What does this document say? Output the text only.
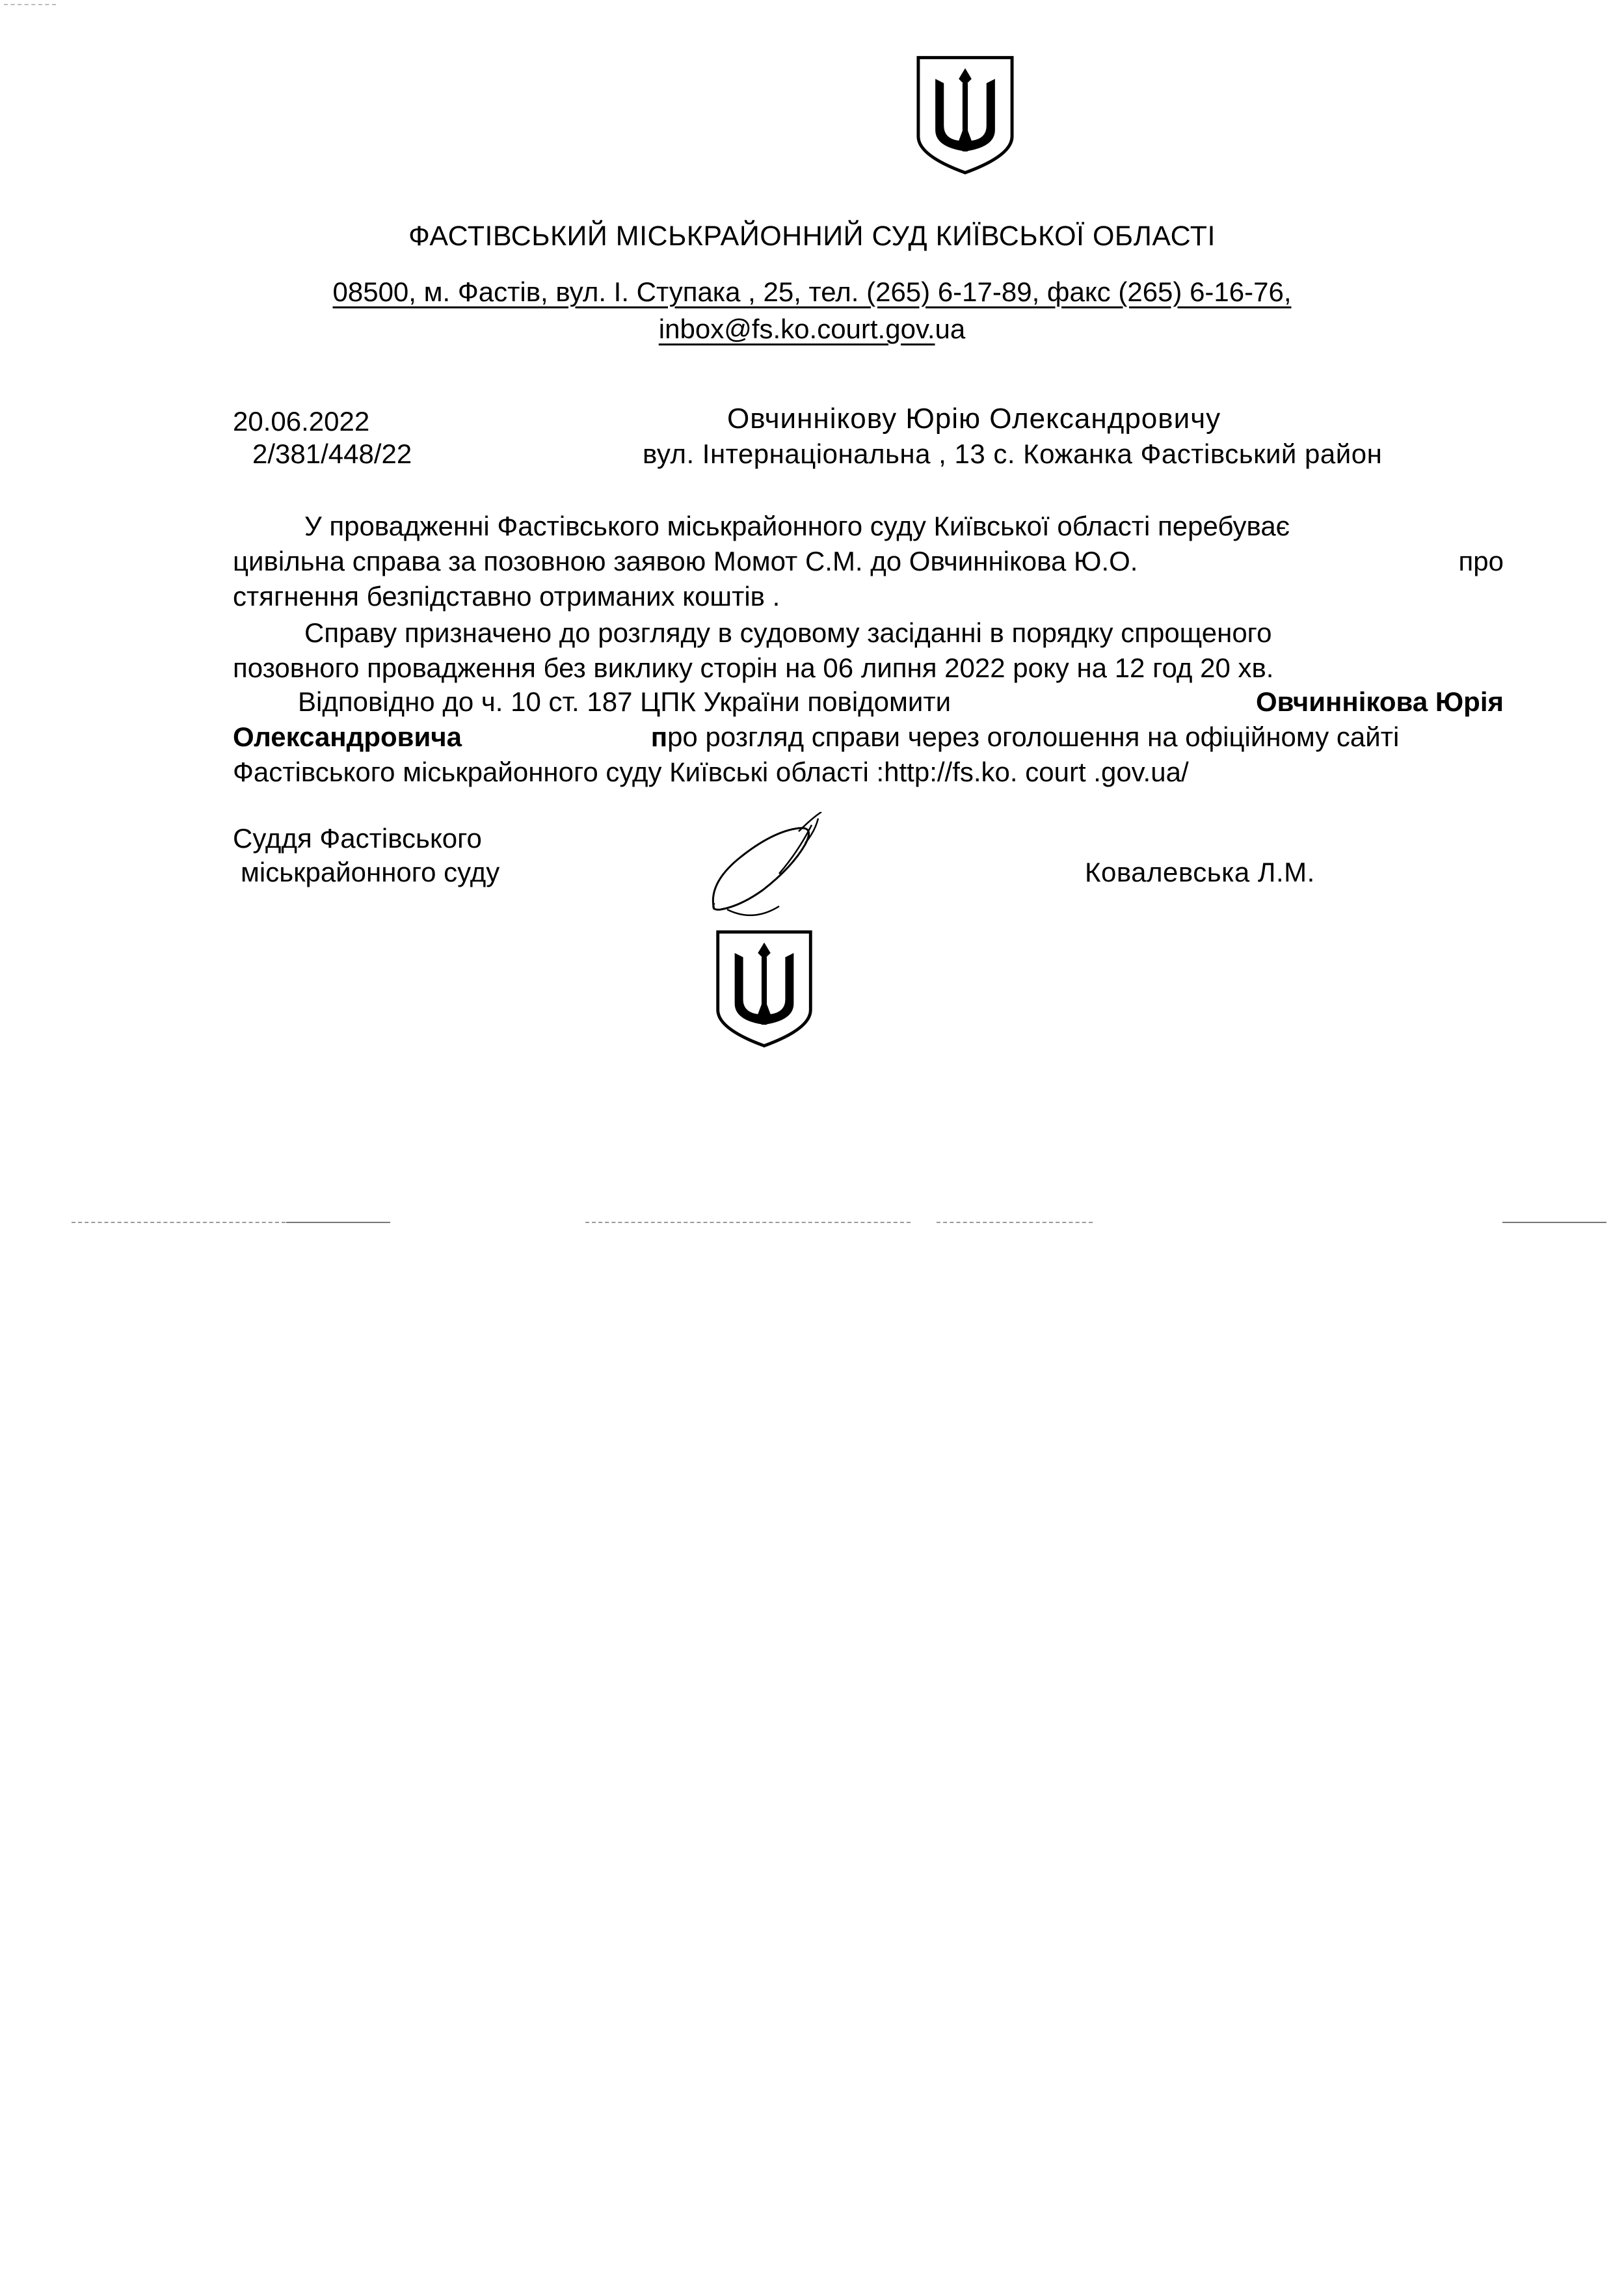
ФАСТІВСЬКИЙ МІСЬКРАЙОННИЙ СУД КИЇВСЬКОЇ ОБЛАСТІ
08500, м. Фастів, вул. І. Ступака , 25, тел. (265) 6-17-89, факс (265) 6-16-76,
inbox@fs.ko.court.gov.ua
20.06.2022
2/381/448/22
Овчиннікову Юрію Олександровичу
вул. Інтернаціональна , 13 с. Кожанка Фастівський район
У провадженні Фастівського міськрайонного суду Київської області перебуває
цивільна справа за позовною заявою Момот С.М. до Овчиннікова Ю.О.	про
стягнення безпідставно отриманих коштів .
Справу призначено до розгляду в судовому засіданні в порядку спрощеного
позовного провадження без виклику сторін на 06 липня 2022 року на 12 год 20 хв.
Відповідно до ч. 10 ст. 187 ЦПК України повідомити	Овчиннікова Юрія
Олександровича	про розгляд справи через оголошення на офіційному сайті
Фастівського міськрайонного суду Київські області :http://fs.ko. court .gov.ua/
Суддя Фастівського
міськрайонного суду	Ковалевська Л.М.
